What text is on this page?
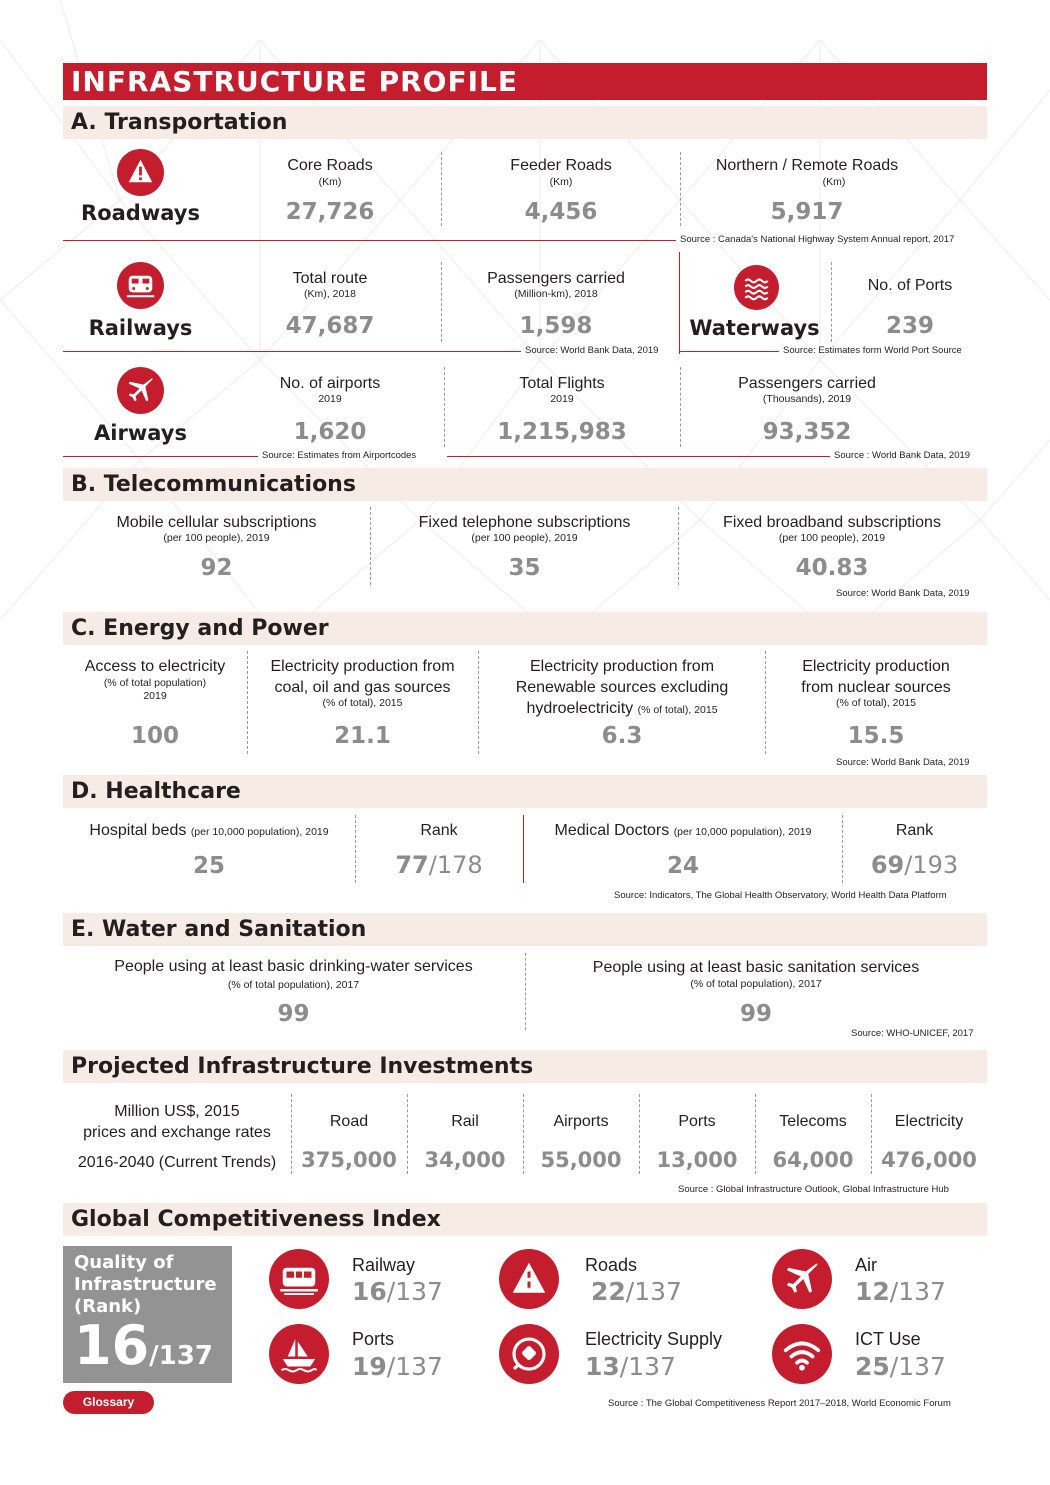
INFRASTRUCTURE PROFILE
A. Transportation
Roadways
Core Roads
(Km)
27,726
Feeder Roads
(Km)
4,456
Northern / Remote Roads
(Km)
5,917
Source : Canada's National Highway System Annual report, 2017
Railways
Total route
(Km), 2018
47,687
Passengers carried
(Million-km), 2018
1,598	Waterways
No. of Ports
239
Source: World Bank Data, 2019	Source: Estimates form World Port Source
Airways
No. of airports
2019
1,620
Total Flights
2019
1,215,983
Passengers carried
(Thousands), 2019
93,352
Source: Estimates from Airportcodes	Source : World Bank Data, 2019
B. Telecommunications
Mobile cellular subscriptions
(per 100 people), 2019
92
Fixed telephone subscriptions
(per 100 people), 2019
35
Fixed broadband subscriptions
(per 100 people), 2019
40.83
Source: World Bank Data, 2019
C. Energy and Power
Access to electricity
(% of total population)
2019
100
Electricity production from
coal, oil and gas sources
(% of total), 2015
21.1
Electricity production from
Renewable sources excluding
hydroelectricity (% of total), 2015
6.3
Electricity production
from nuclear sources
(% of total), 2015
15.5
Source: World Bank Data, 2019
D. Healthcare
Hospital beds (per 10,000 population), 2019
25
Rank
77/178
Medical Doctors (per 10,000 population), 2019
24
Rank
69/193
Source: Indicators, The Global Health Observatory, World Health Data Platform
E. Water and Sanitation
People using at least basic drinking-water services
(% of total population), 2017
99
People using at least basic sanitation services
(% of total population), 2017
99
Source: WHO-UNICEF, 2017
Projected Infrastructure Investments
Million US$, 2015
prices and exchange rates
2016-2040 (Current Trends)
Road
375,000
Rail
34,000
Airports
55,000
Ports
13,000
Telecoms
64,000
Electricity
476,000
Source : Global Infrastructure Outlook, Global Infrastructure Hub
Global Competitiveness Index
Quality of
Infrastructure
(Rank)
16/137
Glossary
Railway
16/137
Roads
22/137
Air
12/137
Ports
19/137
Electricity Supply
13/137
ICT Use
25/137
Source : The Global Competitiveness Report 2017–2018, World Economic Forum
